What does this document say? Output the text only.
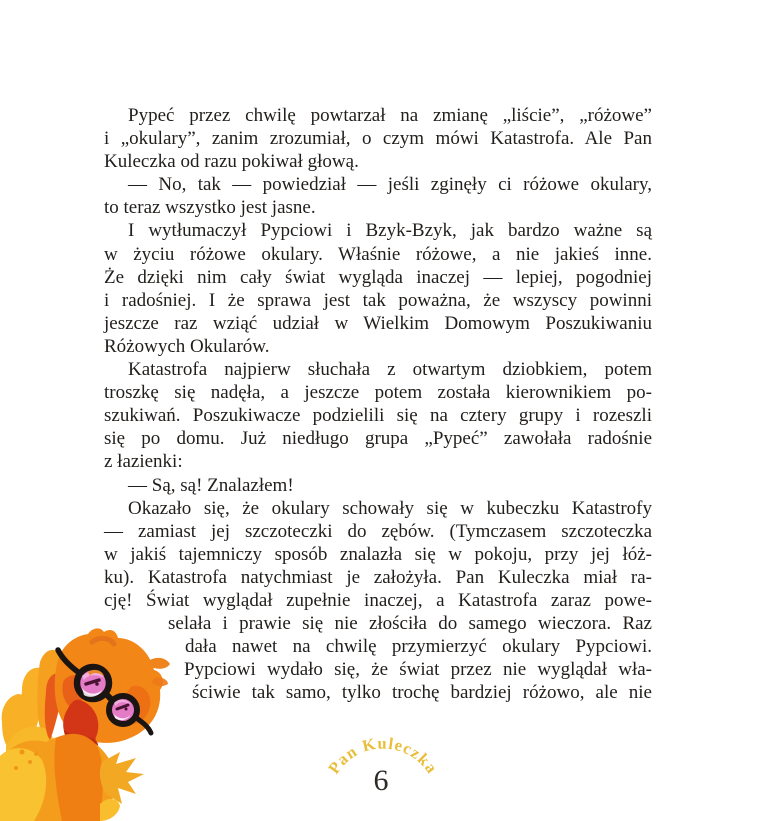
Pypeć przez chwilę powtarzał na zmianę „liście”, „różowe”
i „okulary”, zanim zrozumiał, o czym mówi Katastrofa. Ale Pan
Kuleczka od razu pokiwał głową.
— No, tak — powiedział — jeśli zginęły ci różowe okulary,
to teraz wszystko jest jasne.
I wytłumaczył Pypciowi i Bzyk-Bzyk, jak bardzo ważne są
w życiu różowe okulary. Właśnie różowe, a nie jakieś inne.
Że dzięki nim cały świat wygląda inaczej — lepiej, pogodniej
i radośniej. I że sprawa jest tak poważna, że wszyscy powinni
jeszcze raz wziąć udział w Wielkim Domowym Poszukiwaniu
Różowych Okularów.
Katastrofa najpierw słuchała z otwartym dziobkiem, potem
troszkę się nadęła, a jeszcze potem została kierownikiem po-
szukiwań. Poszukiwacze podzielili się na cztery grupy i rozeszli
się po domu. Już niedługo grupa „Pypeć” zawołała radośnie
z łazienki:
— Są, są! Znalazłem!
Okazało się, że okulary schowały się w kubeczku Katastrofy
— zamiast jej szczoteczki do zębów. (Tymczasem szczoteczka
w jakiś tajemniczy sposób znalazła się w pokoju, przy jej łóż-
ku). Katastrofa natychmiast je założyła. Pan Kuleczka miał ra-
cję! Świat wyglądał zupełnie inaczej, a Katastrofa zaraz powe-
selała i prawie się nie złościła do samego wieczora. Raz
dała nawet na chwilę przymierzyć okulary Pypciowi.
Pypciowi wydało się, że świat przez nie wyglądał wła-
ściwie tak samo, tylko trochę bardziej różowo, ale nie
Pan Kuleczka
6
